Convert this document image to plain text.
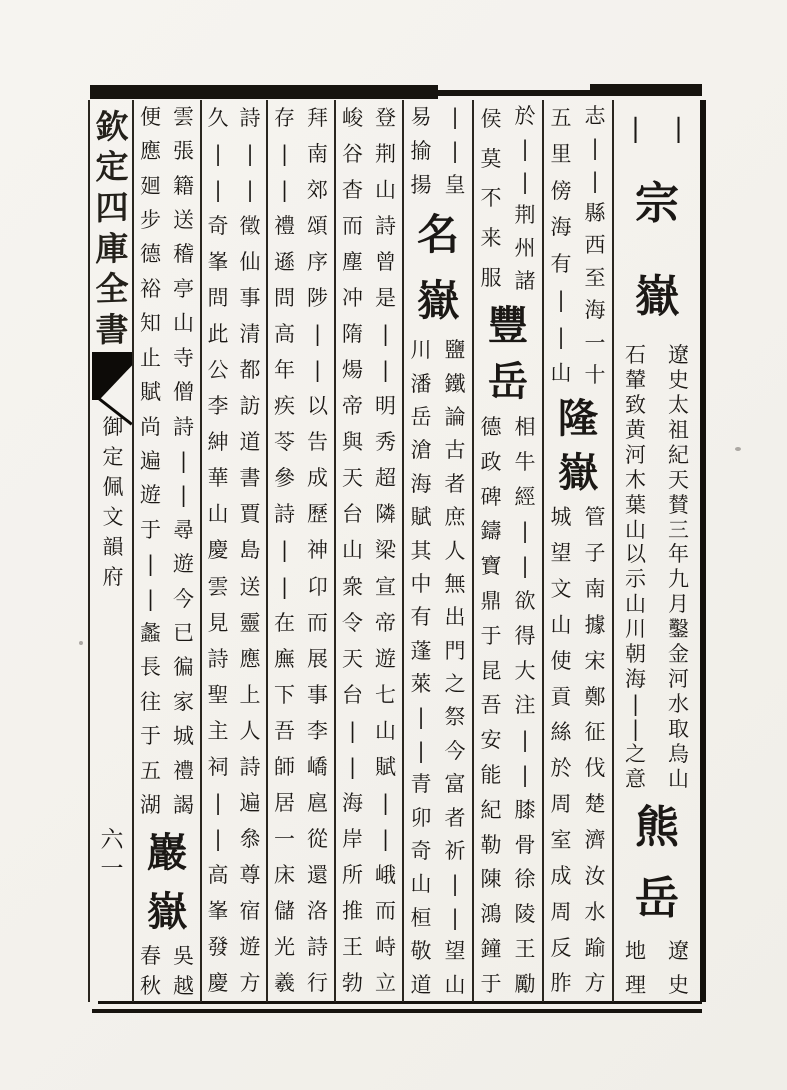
欽
定
四
庫
全
書
御
定
佩
文
韻
府
六
一
|
|
宗
嶽
遼
史
太
祖
紀
天
賛
三
年
九
月
鑿
金
河
水
取
烏
山
石
輦
致
黄
河
木
葉
山
以
示
山
川
朝
海
|
|
之
意
熊
岳
遼
史
地
理
志
|
|
縣
西
至
海
一
十
五
里
傍
海
有
|
|
山
隆
嶽
管
子
南
據
宋
鄭
征
伐
楚
濟
汝
水
踰
方
城
望
文
山
使
貢
絲
於
周
室
成
周
反
胙
於
|
|
荆
州
諸
侯
莫
不
来
服
豐
岳
相
牛
經
|
|
欲
得
大
注
|
|
膝
骨
徐
陵
王
勵
德
政
碑
鑄
寶
鼎
于
昆
吾
安
能
紀
勒
陳
鴻
鐘
于
|
|
皇
易
揄
揚
名
嶽
鹽
鐵
論
古
者
庶
人
無
出
門
之
祭
今
富
者
祈
|
|
望
山
川
潘
岳
滄
海
賦
其
中
有
蓬
萊
|
|
青
卯
奇
山
桓
敬
道
登
荆
山
詩
曾
是
|
|
明
秀
超
隣
梁
宣
帝
遊
七
山
賦
|
|
峨
而
峙
立
峻
谷
杳
而
塵
冲
隋
煬
帝
與
天
台
山
衆
令
天
台
|
|
海
岸
所
推
王
勃
拜
南
郊
頌
序
陟
|
|
以
告
成
歷
神
卬
而
展
事
李
嶠
扈
從
還
洛
詩
行
存
|
|
禮
遜
問
高
年
疾
苓
參
詩
|
|
在
廡
下
吾
師
居
一
床
儲
光
羲
詩
|
|
徵
仙
事
清
都
訪
道
書
賈
島
送
靈
應
上
人
詩
遍
叅
尊
宿
遊
方
久
|
|
奇
峯
問
此
公
李
紳
華
山
慶
雲
見
詩
聖
主
祠
|
|
高
峯
發
慶
雲
張
籍
送
稽
亭
山
寺
僧
詩
|
|
尋
遊
今
已
徧
家
城
禮
謁
便
應
廻
步
德
裕
知
止
賦
尚
遍
遊
于
|
|
蠡
長
往
于
五
湖
巖
嶽
吳
越
春
秋
